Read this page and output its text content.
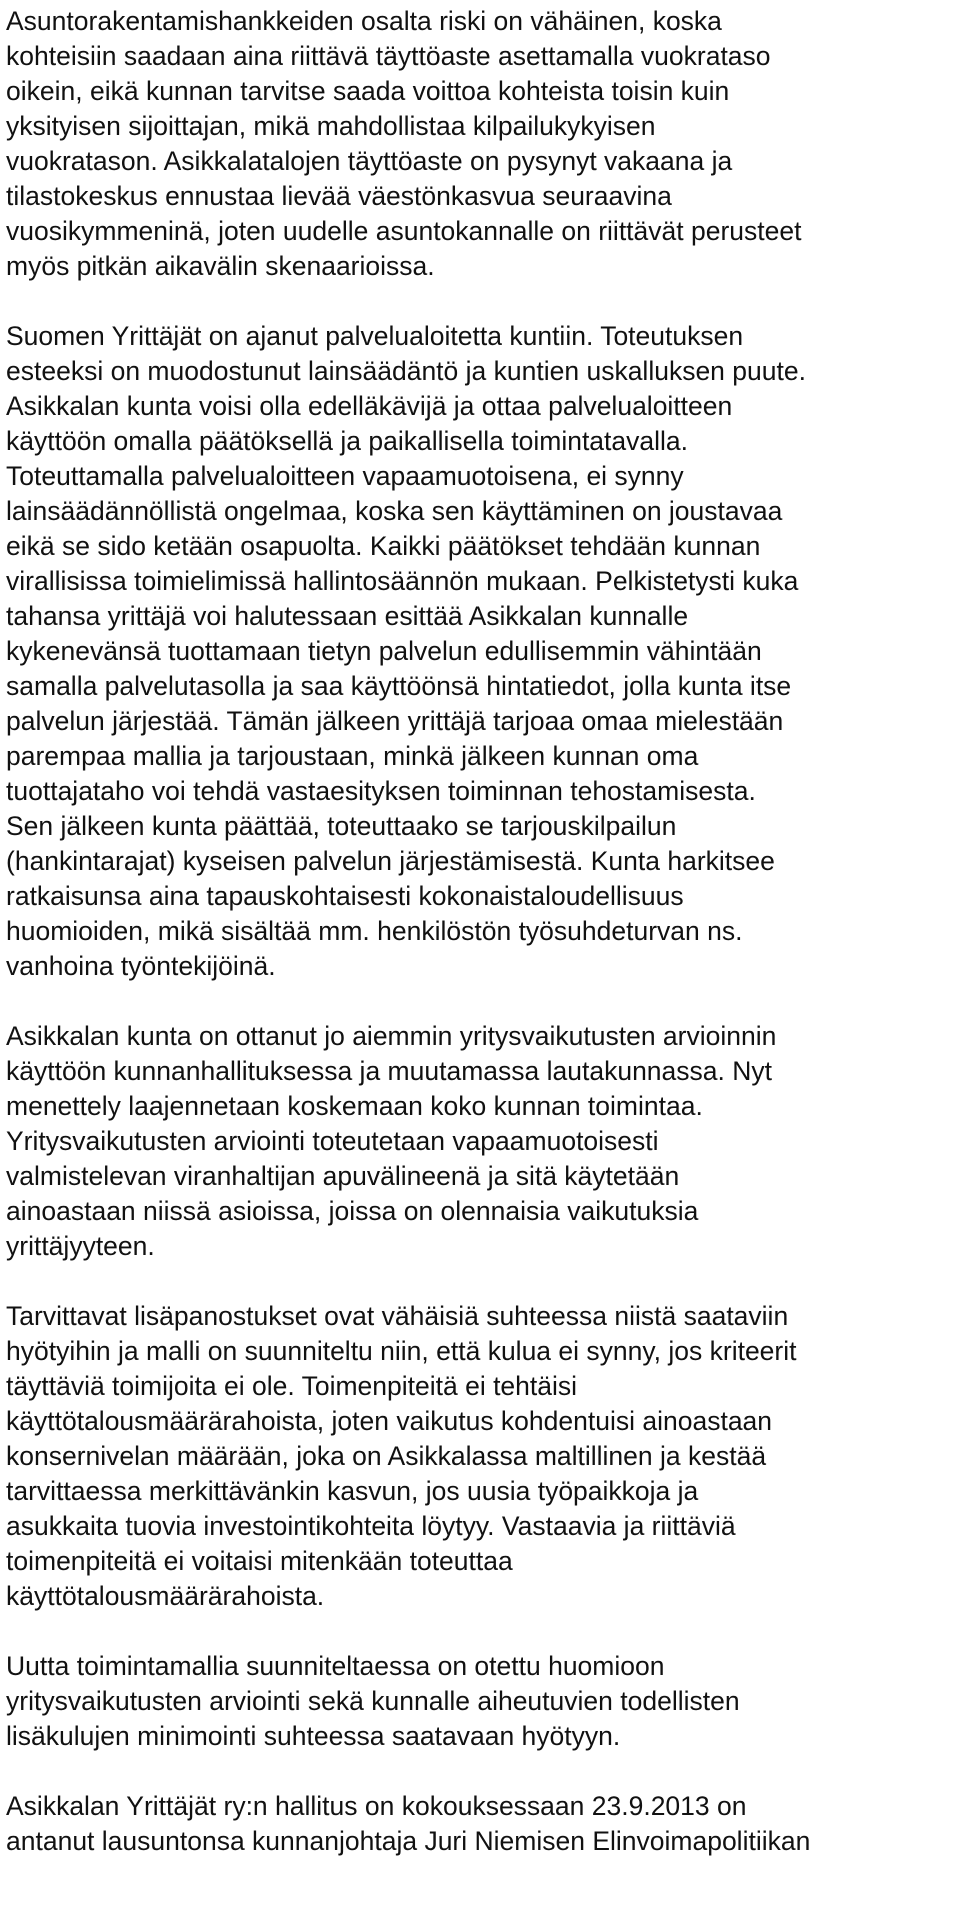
Asuntorakentamishankkeiden osalta riski on vähäinen, koska
kohteisiin saadaan aina riittävä täyttöaste asettamalla vuokrataso
oikein, eikä kunnan tarvitse saada voittoa kohteista toisin kuin
yksityisen sijoittajan, mikä mahdollistaa kilpailukykyisen
vuokratason. Asikkalatalojen täyttöaste on pysynyt vakaana ja
tilastokeskus ennustaa lievää väestönkasvua seuraavina
vuosikymmeninä, joten uudelle asuntokannalle on riittävät perusteet
myös pitkän aikavälin skenaarioissa.
Suomen Yrittäjät on ajanut palvelualoitetta kuntiin. Toteutuksen
esteeksi on muodostunut lainsäädäntö ja kuntien uskalluksen puute.
Asikkalan kunta voisi olla edelläkävijä ja ottaa palvelualoitteen
käyttöön omalla päätöksellä ja paikallisella toimintatavalla.
Toteuttamalla palvelualoitteen vapaamuotoisena, ei synny
lainsäädännöllistä ongelmaa, koska sen käyttäminen on joustavaa
eikä se sido ketään osapuolta. Kaikki päätökset tehdään kunnan
virallisissa toimielimissä hallintosäännön mukaan. Pelkistetysti kuka
tahansa yrittäjä voi halutessaan esittää Asikkalan kunnalle
kykenevänsä tuottamaan tietyn palvelun edullisemmin vähintään
samalla palvelutasolla ja saa käyttöönsä hintatiedot, jolla kunta itse
palvelun järjestää. Tämän jälkeen yrittäjä tarjoaa omaa mielestään
parempaa mallia ja tarjoustaan, minkä jälkeen kunnan oma
tuottajataho voi tehdä vastaesityksen toiminnan tehostamisesta.
Sen jälkeen kunta päättää, toteuttaako se tarjouskilpailun
(hankintarajat) kyseisen palvelun järjestämisestä. Kunta harkitsee
ratkaisunsa aina tapauskohtaisesti kokonaistaloudellisuus
huomioiden, mikä sisältää mm. henkilöstön työsuhdeturvan ns.
vanhoina työntekijöinä.
Asikkalan kunta on ottanut jo aiemmin yritysvaikutusten arvioinnin
käyttöön kunnanhallituksessa ja muutamassa lautakunnassa. Nyt
menettely laajennetaan koskemaan koko kunnan toimintaa.
Yritysvaikutusten arviointi toteutetaan vapaamuotoisesti
valmistelevan viranhaltijan apuvälineenä ja sitä käytetään
ainoastaan niissä asioissa, joissa on olennaisia vaikutuksia
yrittäjyyteen.
Tarvittavat lisäpanostukset ovat vähäisiä suhteessa niistä saataviin
hyötyihin ja malli on suunniteltu niin, että kulua ei synny, jos kriteerit
täyttäviä toimijoita ei ole. Toimenpiteitä ei tehtäisi
käyttötalousmäärärahoista, joten vaikutus kohdentuisi ainoastaan
konsernivelan määrään, joka on Asikkalassa maltillinen ja kestää
tarvittaessa merkittävänkin kasvun, jos uusia työpaikkoja ja
asukkaita tuovia investointikohteita löytyy. Vastaavia ja riittäviä
toimenpiteitä ei voitaisi mitenkään toteuttaa
käyttötalousmäärärahoista.
Uutta toimintamallia suunniteltaessa on otettu huomioon
yritysvaikutusten arviointi sekä kunnalle aiheutuvien todellisten
lisäkulujen minimointi suhteessa saatavaan hyötyyn.
Asikkalan Yrittäjät ry:n hallitus on kokouksessaan 23.9.2013 on
antanut lausuntonsa kunnanjohtaja Juri Niemisen Elinvoimapolitiikan
